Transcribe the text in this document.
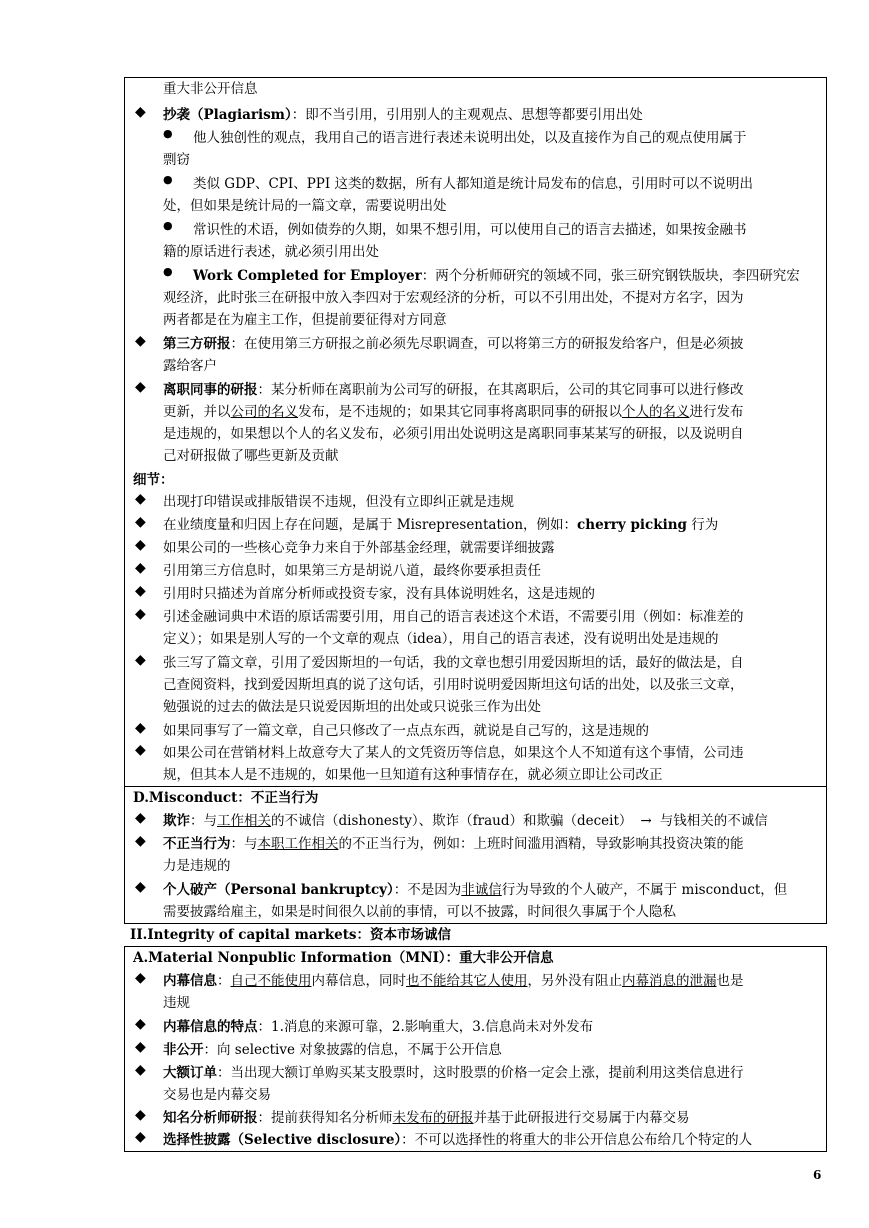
重大非公开信息
◆ 抄袭（Plagiarism）：即不当引用，引用别人的主观观点、思想等都要引用出处
● 他人独创性的观点，我用自己的语言进行表述未说明出处，以及直接作为自己的观点使用属于
剽窃
● 类似 GDP、CPI、PPI 这类的数据，所有人都知道是统计局发布的信息，引用时可以不说明出
处，但如果是统计局的一篇文章，需要说明出处
● 常识性的术语，例如债券的久期，如果不想引用，可以使用自己的语言去描述，如果按金融书
籍的原话进行表述，就必须引用出处
● Work Completed for Employer：两个分析师研究的领域不同，张三研究钢铁版块，李四研究宏
观经济，此时张三在研报中放入李四对于宏观经济的分析，可以不引用出处，不提对方名字，因为
两者都是在为雇主工作，但提前要征得对方同意
◆ 第三方研报：在使用第三方研报之前必须先尽职调查，可以将第三方的研报发给客户，但是必须披
露给客户
◆ 离职同事的研报：某分析师在离职前为公司写的研报，在其离职后，公司的其它同事可以进行修改
更新，并以公司的名义发布，是不违规的；如果其它同事将离职同事的研报以个人的名义进行发布
是违规的，如果想以个人的名义发布，必须引用出处说明这是离职同事某某写的研报，以及说明自
己对研报做了哪些更新及贡献
细节：
◆ 出现打印错误或排版错误不违规，但没有立即纠正就是违规
◆ 在业绩度量和归因上存在问题，是属于 Misrepresentation，例如：cherry picking 行为
◆ 如果公司的一些核心竞争力来自于外部基金经理，就需要详细披露
◆ 引用第三方信息时，如果第三方是胡说八道，最终你要承担责任
◆ 引用时只描述为首席分析师或投资专家，没有具体说明姓名，这是违规的
◆ 引述金融词典中术语的原话需要引用，用自己的语言表述这个术语，不需要引用（例如：标准差的
定义）；如果是别人写的一个文章的观点（idea），用自己的语言表述，没有说明出处是违规的
◆ 张三写了篇文章，引用了爱因斯坦的一句话，我的文章也想引用爱因斯坦的话，最好的做法是，自
己查阅资料，找到爱因斯坦真的说了这句话，引用时说明爱因斯坦这句话的出处，以及张三文章，
勉强说的过去的做法是只说爱因斯坦的出处或只说张三作为出处
◆ 如果同事写了一篇文章，自己只修改了一点点东西，就说是自己写的，这是违规的
◆ 如果公司在营销材料上故意夸大了某人的文凭资历等信息，如果这个人不知道有这个事情，公司违
规，但其本人是不违规的，如果他一旦知道有这种事情存在，就必须立即让公司改正
D.Misconduct：不正当行为
◆ 欺诈：与工作相关的不诚信（dishonesty）、欺诈（fraud）和欺骗（deceit） → 与钱相关的不诚信
◆ 不正当行为：与本职工作相关的不正当行为，例如：上班时间滥用酒精，导致影响其投资决策的能
力是违规的
◆ 个人破产（Personal bankruptcy）：不是因为非诚信行为导致的个人破产，不属于 misconduct，但
需要披露给雇主，如果是时间很久以前的事情，可以不披露，时间很久事属于个人隐私
II.Integrity of capital markets：资本市场诚信
A.Material Nonpublic Information（MNI）：重大非公开信息
◆ 内幕信息：自己不能使用内幕信息，同时也不能给其它人使用，另外没有阻止内幕消息的泄漏也是
违规
◆ 内幕信息的特点：1.消息的来源可靠，2.影响重大，3.信息尚未对外发布
◆ 非公开：向 selective 对象披露的信息，不属于公开信息
◆ 大额订单：当出现大额订单购买某支股票时，这时股票的价格一定会上涨，提前利用这类信息进行
交易也是内幕交易
◆ 知名分析师研报：提前获得知名分析师未发布的研报并基于此研报进行交易属于内幕交易
◆ 选择性披露（Selective disclosure）：不可以选择性的将重大的非公开信息公布给几个特定的人
6
